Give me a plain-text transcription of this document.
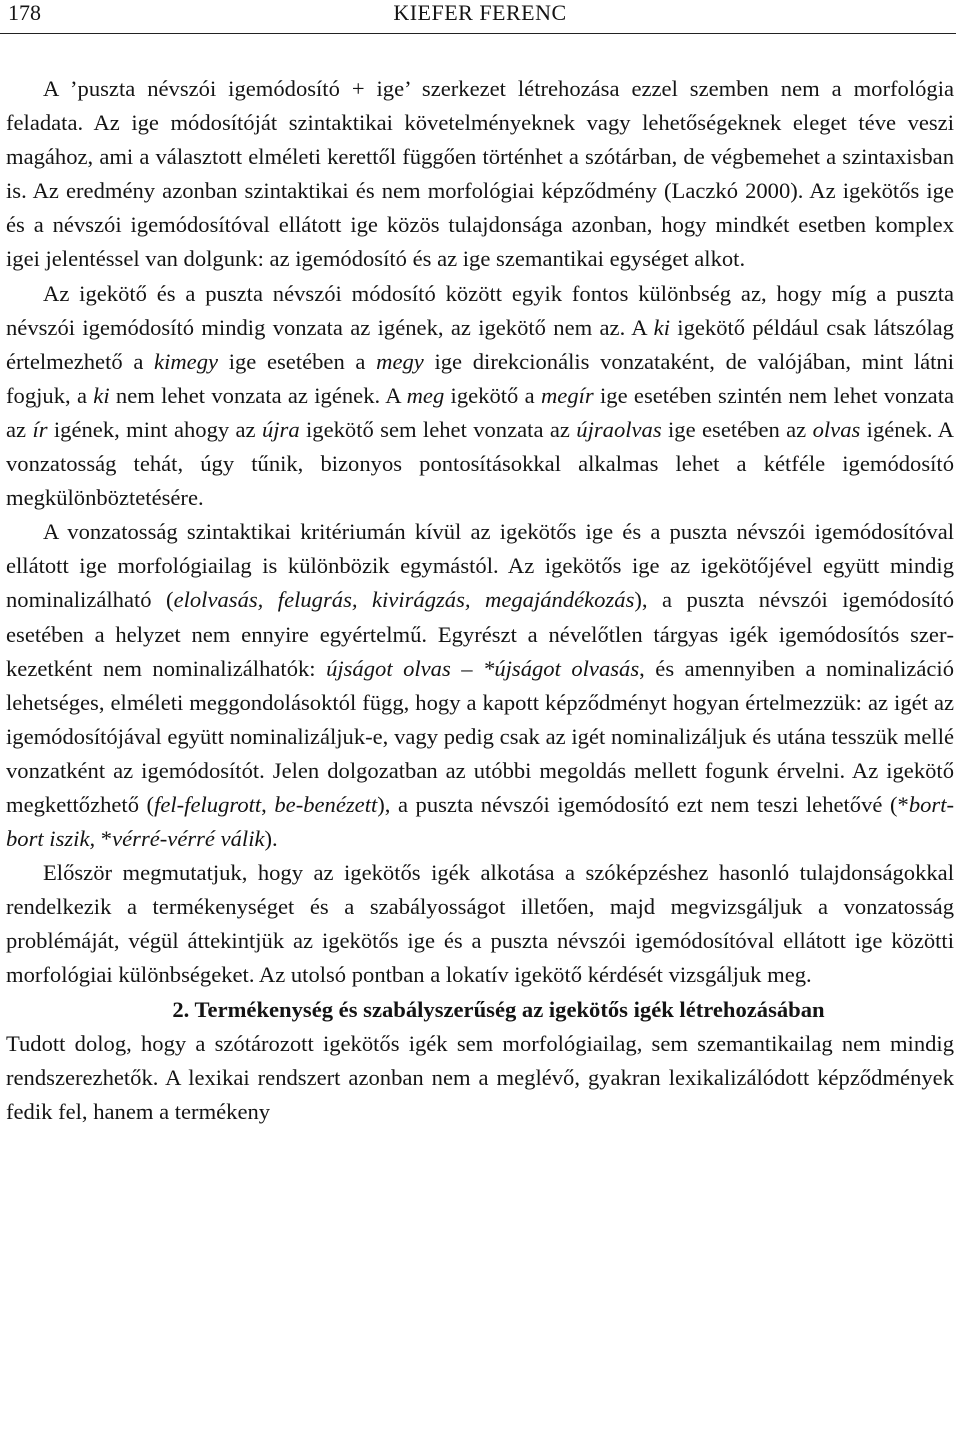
178	KIEFER FERENC

A ’puszta névszói igemódosító + ige’ szerkezet létrehozása ezzel szemben nem a morfológia feladata. Az ige módosítóját szintaktikai követelményeknek vagy lehetőségeknek eleget téve veszi magához, ami a választott elméleti kerettől függően történhet a szótárban, de végbemehet a szintaxisban is. Az eredmény azonban szintaktikai és nem morfológiai képződmény (Laczkó 2000). Az igekötős ige és a névszói igemódosítóval ellátott ige közös tulajdonsága azonban, hogy mindkét esetben komplex igei jelentéssel van dolgunk: az igemódosító és az ige szemantikai egységet alkot.

Az igekötő és a puszta névszói módosító között egyik fontos különbség az, hogy míg a puszta névszói igemódosító mindig vonzata az igének, az igekötő nem az. A ki igekötő például csak látszólag értelmezhető a kimegy ige esetében a megy ige direkcionális vonzataként, de valójában, mint látni fogjuk, a ki nem lehet vonzata az igének. A meg igekötő a megír ige esetében szintén nem lehet vonzata az ír igének, mint ahogy az újra igekötő sem lehet vonzata az újraolvas ige esetében az olvas igének. A vonzatosság tehát, úgy tűnik, bizonyos pontosításokkal alkalmas lehet a kétféle igemódosító megkülönböztetésére.

A vonzatosság szintaktikai kritériumán kívül az igekötős ige és a puszta névszói igemódosítóval ellátott ige morfológiailag is különbözik egymástól. Az igekötős ige az igekötőjével együtt mindig nominalizálható (elolvasás, felugrás, kivirágzás, megajándékozás), a puszta névszói igemódosító esetében a helyzet nem ennyire egyértelmű. Egyrészt a névelőtlen tárgyas igék igemódosítós szerkezetként nem nominalizálhatók: újságot olvas – *újságot olvasás, és amennyiben a nominalizáció lehetséges, elméleti meggondolásoktól függ, hogy a kapott képződményt hogyan értelmezzük: az igét az igemódosítójával együtt nominalizáljuk-e, vagy pedig csak az igét nominalizáljuk és utána tesszük mellé vonzatként az igemódosítót. Jelen dolgozatban az utóbbi megoldás mellett fogunk érvelni. Az igekötő megkettőzhető (fel-felugrott, be-benézett), a puszta névszói igemódosító ezt nem teszi lehetővé (*bort-bort iszik, *vérré-vérré válik).

Először megmutatjuk, hogy az igekötős igék alkotása a szóképzéshez hasonló tulajdonságokkal rendelkezik a termékenységet és a szabályosságot illetően, majd megvizsgáljuk a vonzatosság problémáját, végül áttekintjük az igekötős ige és a puszta névszói igemódosítóval ellátott ige közötti morfológiai különbségeket. Az utolsó pontban a lokatív igekötő kérdését vizsgáljuk meg.

2. Termékenység és szabályszerűség az igekötős igék létrehozásában

Tudott dolog, hogy a szótározott igekötős igék sem morfológiailag, sem szemantikailag nem mindig rendszerezhetők. A lexikai rendszert azonban nem a meglévő, gyakran lexikalizálódott képződmények fedik fel, hanem a termékeny
